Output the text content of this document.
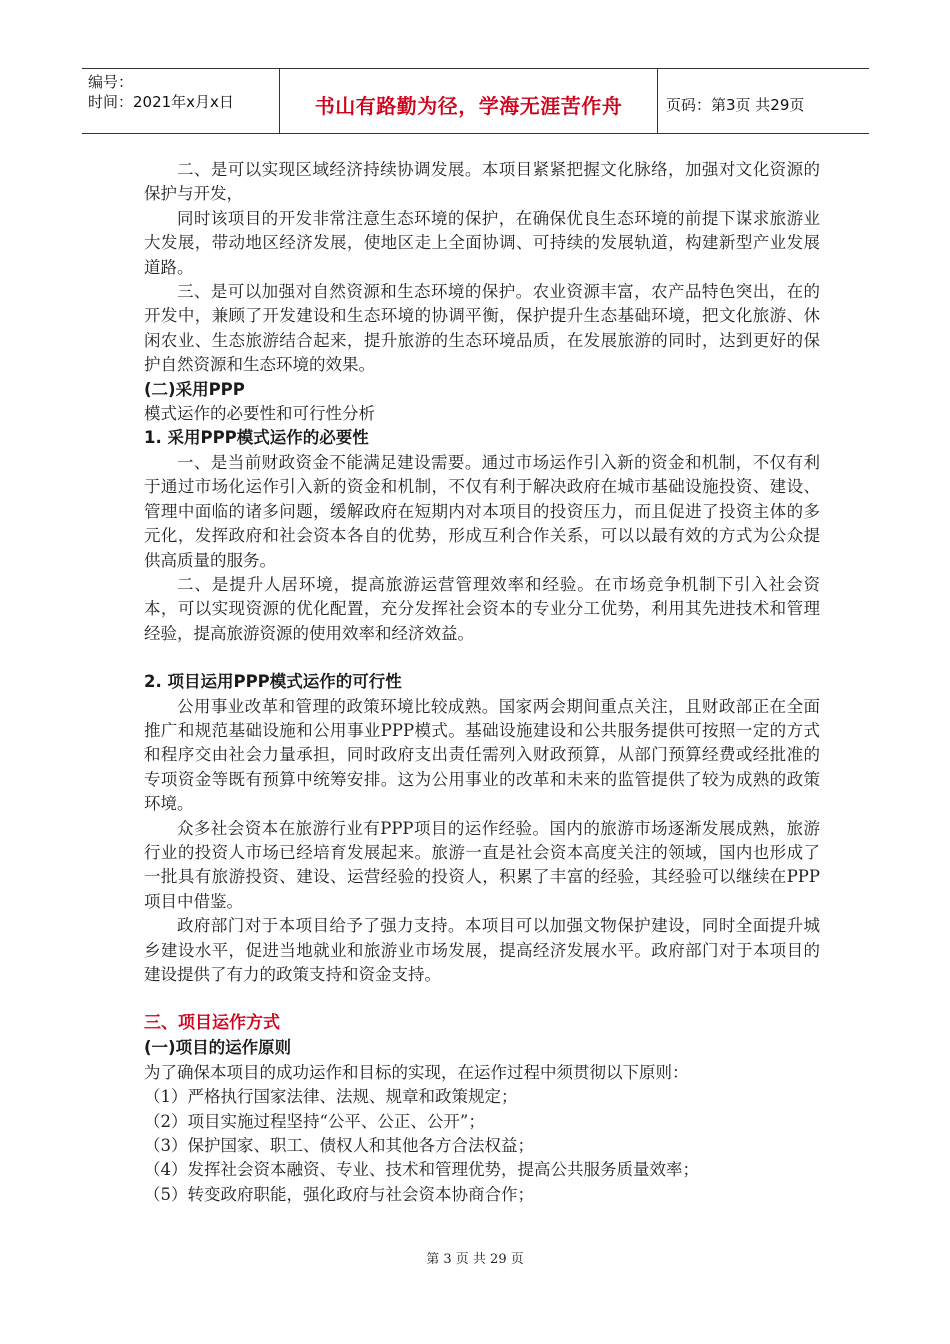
编号：
时间：2021年x月x日	书山有路勤为径，学海无涯苦作舟	页码：第3页 共29页

二、是可以实现区域经济持续协调发展。本项目紧紧把握文化脉络，加强对文化资源的保护与开发，

同时该项目的开发非常注意生态环境的保护，在确保优良生态环境的前提下谋求旅游业大发展，带动地区经济发展，使地区走上全面协调、可持续的发展轨道，构建新型产业发展道路。

三、是可以加强对自然资源和生态环境的保护。农业资源丰富，农产品特色突出，在的开发中，兼顾了开发建设和生态环境的协调平衡，保护提升生态基础环境，把文化旅游、休闲农业、生态旅游结合起来，提升旅游的生态环境品质，在发展旅游的同时，达到更好的保护自然资源和生态环境的效果。

(二)采用PPP

模式运作的必要性和可行性分析

1. 采用PPP模式运作的必要性

一、是当前财政资金不能满足建设需要。通过市场运作引入新的资金和机制，不仅有利于通过市场化运作引入新的资金和机制，不仅有利于解决政府在城市基础设施投资、建设、管理中面临的诸多问题，缓解政府在短期内对本项目的投资压力，而且促进了投资主体的多元化，发挥政府和社会资本各自的优势，形成互利合作关系，可以以最有效的方式为公众提供高质量的服务。

二、是提升人居环境，提高旅游运营管理效率和经验。在市场竞争机制下引入社会资本，可以实现资源的优化配置，充分发挥社会资本的专业分工优势，利用其先进技术和管理经验，提高旅游资源的使用效率和经济效益。

2. 项目运用PPP模式运作的可行性

公用事业改革和管理的政策环境比较成熟。国家两会期间重点关注，且财政部正在全面推广和规范基础设施和公用事业PPP模式。基础设施建设和公共服务提供可按照一定的方式和程序交由社会力量承担，同时政府支出责任需列入财政预算，从部门预算经费或经批准的专项资金等既有预算中统筹安排。这为公用事业的改革和未来的监管提供了较为成熟的政策环境。

众多社会资本在旅游行业有PPP项目的运作经验。国内的旅游市场逐渐发展成熟，旅游行业的投资人市场已经培育发展起来。旅游一直是社会资本高度关注的领域，国内也形成了一批具有旅游投资、建设、运营经验的投资人，积累了丰富的经验，其经验可以继续在PPP项目中借鉴。

政府部门对于本项目给予了强力支持。本项目可以加强文物保护建设，同时全面提升城乡建设水平，促进当地就业和旅游业市场发展，提高经济发展水平。政府部门对于本项目的建设提供了有力的政策支持和资金支持。

三、项目运作方式

(一)项目的运作原则

为了确保本项目的成功运作和目标的实现，在运作过程中须贯彻以下原则：

（1）严格执行国家法律、法规、规章和政策规定；

（2）项目实施过程坚持“公平、公正、公开”；

（3）保护国家、职工、债权人和其他各方合法权益；

（4）发挥社会资本融资、专业、技术和管理优势，提高公共服务质量效率；

（5）转变政府职能，强化政府与社会资本协商合作；

第 3 页 共 29 页
